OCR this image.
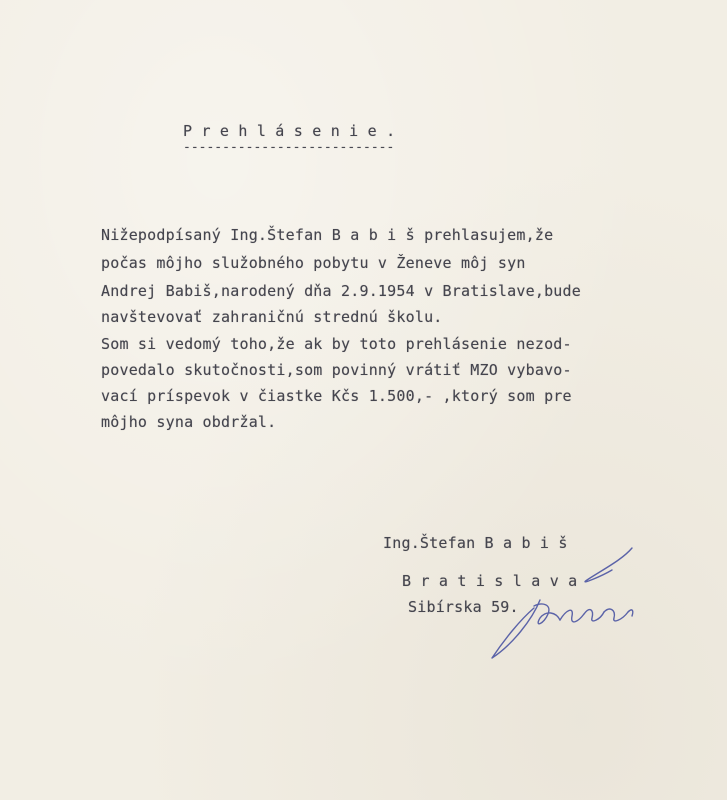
P r e h l á s e n i e .
---------------------------
Nižepodpísaný Ing.Štefan B a b i š prehlasujem,že
počas môjho služobného pobytu v Ženeve môj syn
Andrej Babiš,narodený dňa 2.9.1954 v Bratislave,bude
navštevovať zahraničnú strednú školu.
Som si vedomý toho,že ak by toto prehlásenie nezod-
povedalo skutočnosti,som povinný vrátiť MZO vybavo-
vací príspevok v čiastke Kčs 1.500,- ,ktorý som pre
môjho syna obdržal.
Ing.Štefan B a b i š
B r a t i s l a v a
Sibírska 59.
